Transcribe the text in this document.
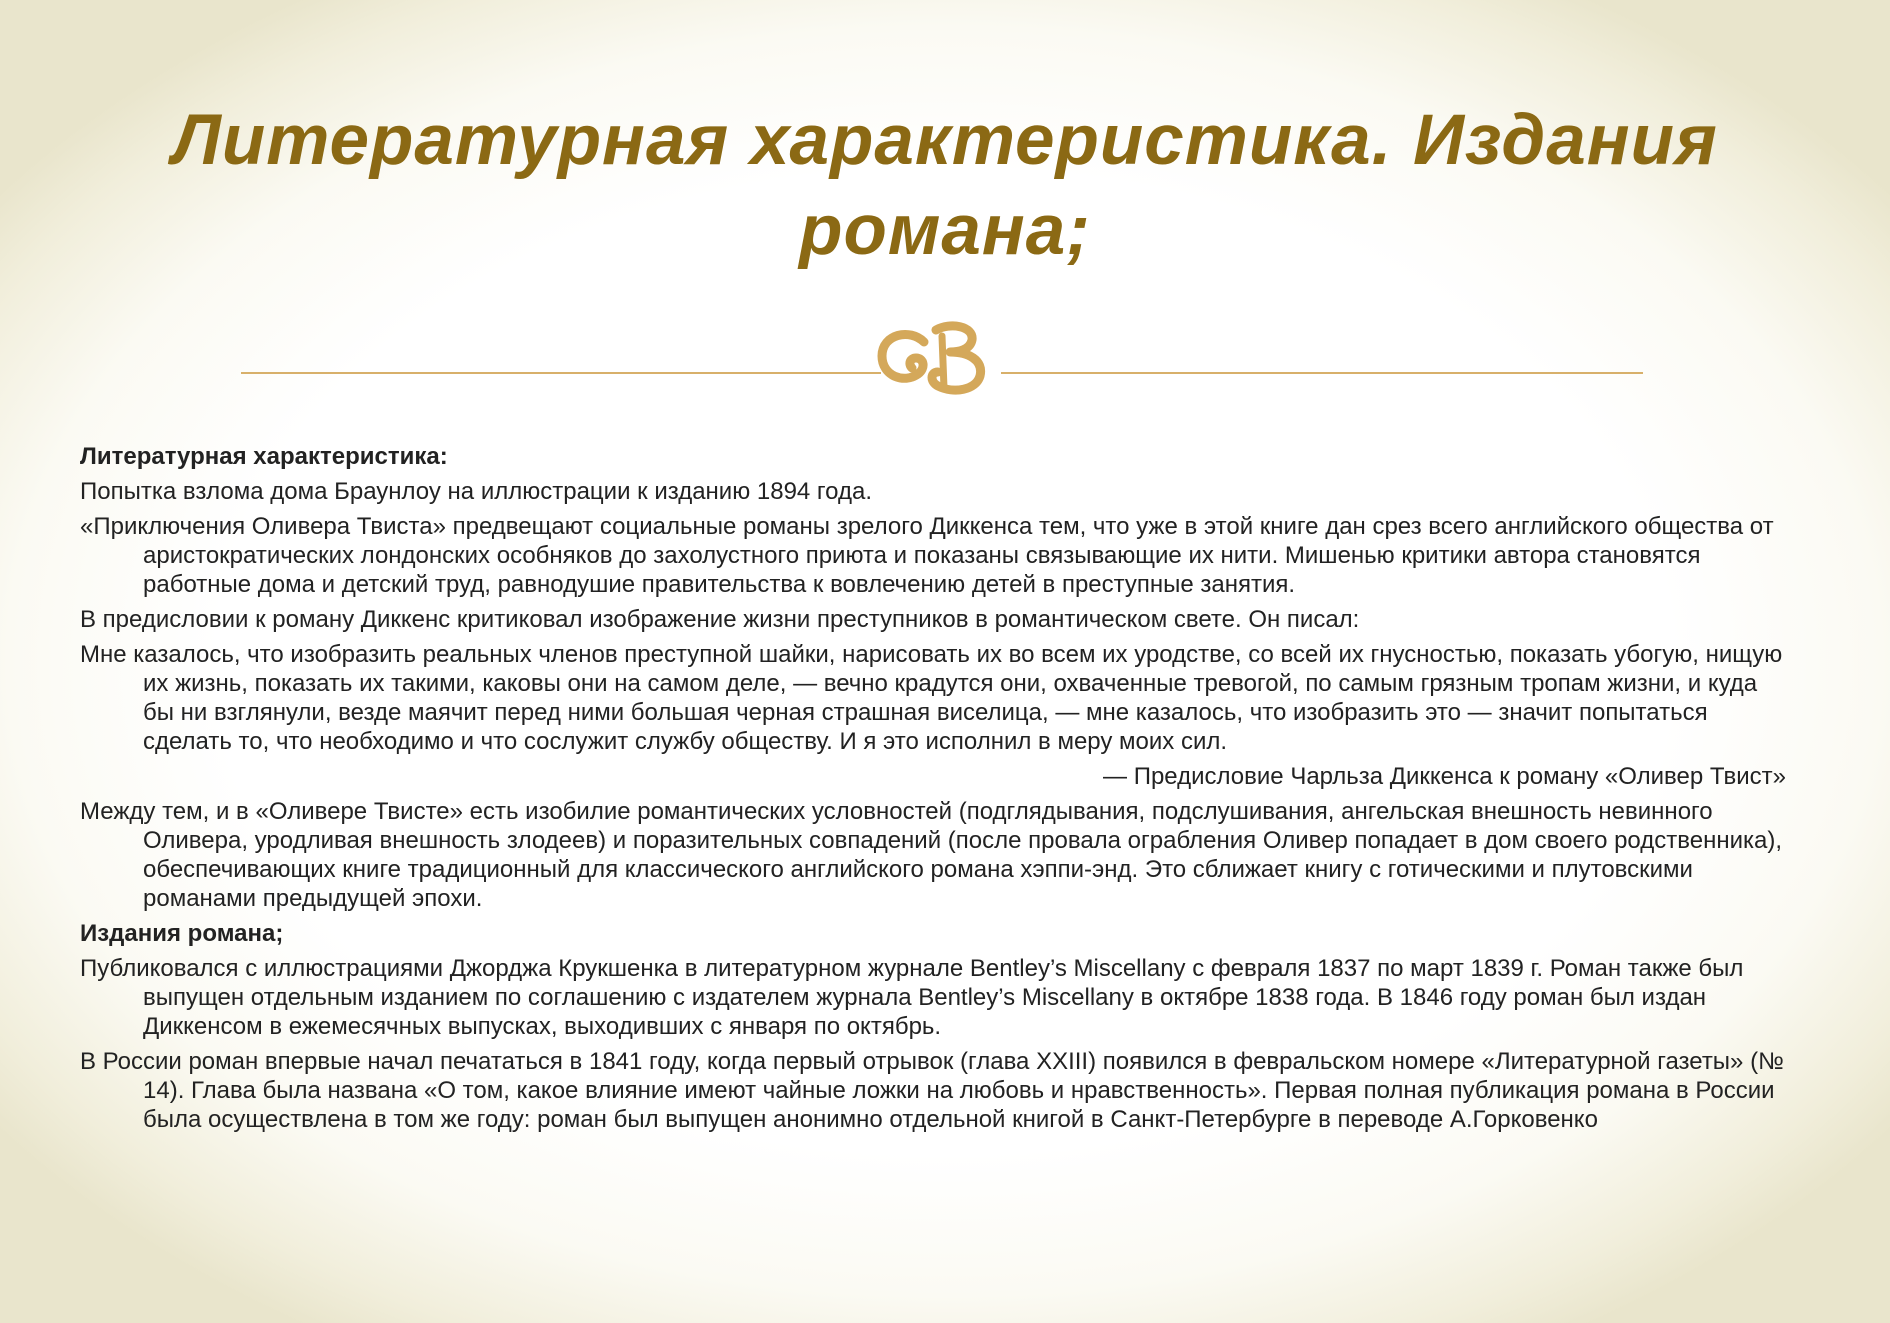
Литературная характеристика. Издания романа;

Литературная характеристика:

Попытка взлома дома Браунлоу на иллюстрации к изданию 1894 года.

«Приключения Оливера Твиста» предвещают социальные романы зрелого Диккенса тем, что уже в этой книге дан срез всего английского общества от аристократических лондонских особняков до захолустного приюта и показаны связывающие их нити. Мишенью критики автора становятся работные дома и детский труд, равнодушие правительства к вовлечению детей в преступные занятия.

В предисловии к роману Диккенс критиковал изображение жизни преступников в романтическом свете. Он писал:

Мне казалось, что изобразить реальных членов преступной шайки, нарисовать их во всем их уродстве, со всей их гнусностью, показать убогую, нищую их жизнь, показать их такими, каковы они на самом деле, — вечно крадутся они, охваченные тревогой, по самым грязным тропам жизни, и куда бы ни взглянули, везде маячит перед ними большая черная страшная виселица, — мне казалось, что изобразить это — значит попытаться сделать то, что необходимо и что сослужит службу обществу. И я это исполнил в меру моих сил.

— Предисловие Чарльза Диккенса к роману «Оливер Твист»

Между тем, и в «Оливере Твисте» есть изобилие романтических условностей (подглядывания, подслушивания, ангельская внешность невинного Оливера, уродливая внешность злодеев) и поразительных совпадений (после провала ограбления Оливер попадает в дом своего родственника), обеспечивающих книге традиционный для классического английского романа хэппи-энд. Это сближает книгу с готическими и плутовскими романами предыдущей эпохи.

Издания романа;

Публиковался с иллюстрациями Джорджа Крукшенка в литературном журнале Bentley’s Miscellany с февраля 1837 по март 1839 г. Роман также был выпущен отдельным изданием по соглашению с издателем журнала Bentley’s Miscellany в октябре 1838 года. В 1846 году роман был издан Диккенсом в ежемесячных выпусках, выходивших с января по октябрь.

В России роман впервые начал печататься в 1841 году, когда первый отрывок (глава XXIII) появился в февральском номере «Литературной газеты» (№ 14). Глава была названа «О том, какое влияние имеют чайные ложки на любовь и нравственность». Первая полная публикация романа в России была осуществлена в том же году: роман был выпущен анонимно отдельной книгой в Санкт-Петербурге в переводе А.Горковенко
